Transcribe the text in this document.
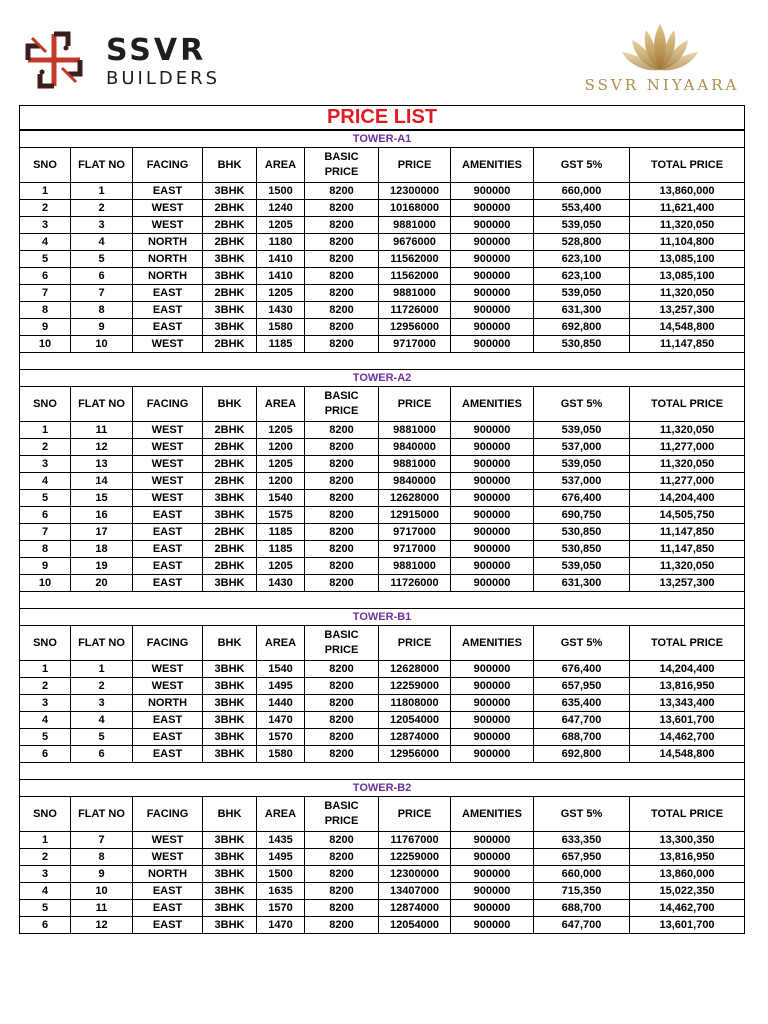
SSVR
BUILDERS	SSVR NIYAARA
PRICE LIST									
TOWER-A1									
SNO	FLAT NO	FACING	BHK	AREA	BASIC PRICE	PRICE	AMENITIES	GST 5%	TOTAL PRICE
1	1	EAST	3BHK	1500	8200	12300000	900000	660,000	13,860,000
2	2	WEST	2BHK	1240	8200	10168000	900000	553,400	11,621,400
3	3	WEST	2BHK	1205	8200	9881000	900000	539,050	11,320,050
4	4	NORTH	2BHK	1180	8200	9676000	900000	528,800	11,104,800
5	5	NORTH	3BHK	1410	8200	11562000	900000	623,100	13,085,100
6	6	NORTH	3BHK	1410	8200	11562000	900000	623,100	13,085,100
7	7	EAST	2BHK	1205	8200	9881000	900000	539,050	11,320,050
8	8	EAST	3BHK	1430	8200	11726000	900000	631,300	13,257,300
9	9	EAST	3BHK	1580	8200	12956000	900000	692,800	14,548,800
10	10	WEST	2BHK	1185	8200	9717000	900000	530,850	11,147,850

TOWER-A2									
SNO	FLAT NO	FACING	BHK	AREA	BASIC PRICE	PRICE	AMENITIES	GST 5%	TOTAL PRICE
1	11	WEST	2BHK	1205	8200	9881000	900000	539,050	11,320,050
2	12	WEST	2BHK	1200	8200	9840000	900000	537,000	11,277,000
3	13	WEST	2BHK	1205	8200	9881000	900000	539,050	11,320,050
4	14	WEST	2BHK	1200	8200	9840000	900000	537,000	11,277,000
5	15	WEST	3BHK	1540	8200	12628000	900000	676,400	14,204,400
6	16	EAST	3BHK	1575	8200	12915000	900000	690,750	14,505,750
7	17	EAST	2BHK	1185	8200	9717000	900000	530,850	11,147,850
8	18	EAST	2BHK	1185	8200	9717000	900000	530,850	11,147,850
9	19	EAST	2BHK	1205	8200	9881000	900000	539,050	11,320,050
10	20	EAST	3BHK	1430	8200	11726000	900000	631,300	13,257,300

TOWER-B1									
SNO	FLAT NO	FACING	BHK	AREA	BASIC PRICE	PRICE	AMENITIES	GST 5%	TOTAL PRICE
1	1	WEST	3BHK	1540	8200	12628000	900000	676,400	14,204,400
2	2	WEST	3BHK	1495	8200	12259000	900000	657,950	13,816,950
3	3	NORTH	3BHK	1440	8200	11808000	900000	635,400	13,343,400
4	4	EAST	3BHK	1470	8200	12054000	900000	647,700	13,601,700
5	5	EAST	3BHK	1570	8200	12874000	900000	688,700	14,462,700
6	6	EAST	3BHK	1580	8200	12956000	900000	692,800	14,548,800

TOWER-B2									
SNO	FLAT NO	FACING	BHK	AREA	BASIC PRICE	PRICE	AMENITIES	GST 5%	TOTAL PRICE
1	7	WEST	3BHK	1435	8200	11767000	900000	633,350	13,300,350
2	8	WEST	3BHK	1495	8200	12259000	900000	657,950	13,816,950
3	9	NORTH	3BHK	1500	8200	12300000	900000	660,000	13,860,000
4	10	EAST	3BHK	1635	8200	13407000	900000	715,350	15,022,350
5	11	EAST	3BHK	1570	8200	12874000	900000	688,700	14,462,700
6	12	EAST	3BHK	1470	8200	12054000	900000	647,700	13,601,700
